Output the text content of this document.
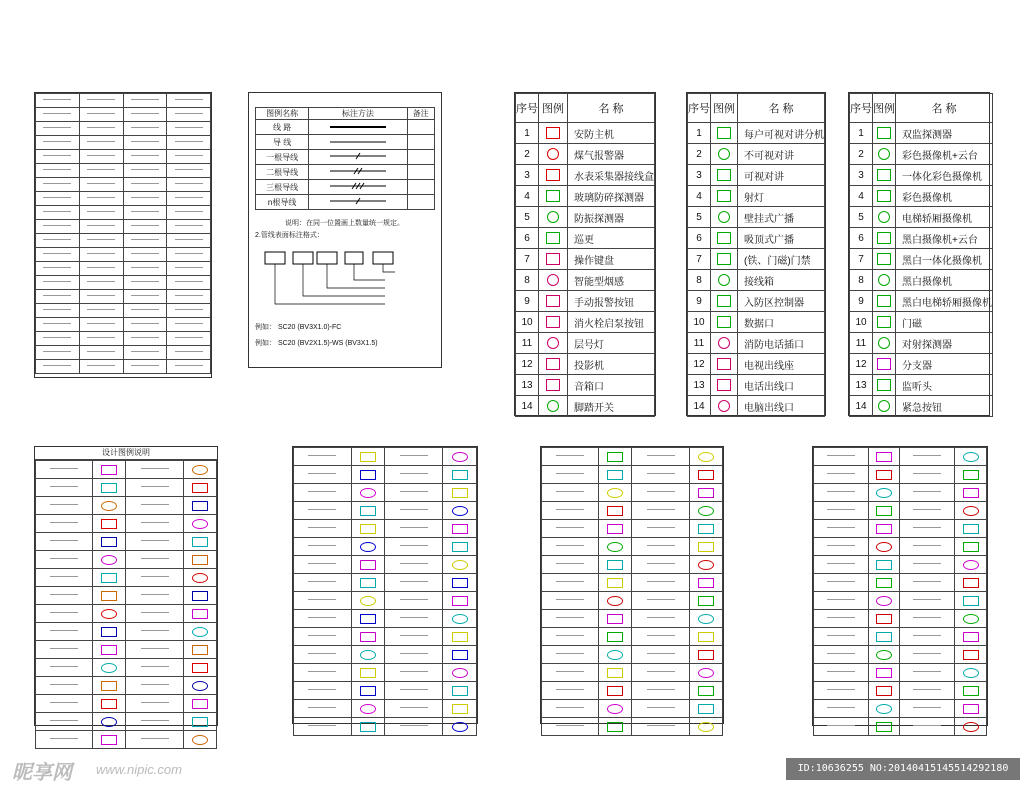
图例名称	标注方法	备注
线 路		
导 线		
一根导线		
二根导线		
三根导线		
n根导线		
说明：在同一位置画上数量统一规定。
2.管线表面标注格式：
例如： SC20 (BV3X1.0)-FC
例如： SC20 (BV2X1.5)-WS (BV3X1.5)
序号	图例	名 称
1		安防主机
2		煤气报警器
3		水表采集器接线盒
4		玻璃防碎探测器
5		防振探测器
6		巡更
7		操作键盘
8		智能型烟感
9		手动报警按钮
10		消火栓启泵按钮
11		层号灯
12		投影机
13		音箱口
14		脚踏开关
序号	图例	名 称
1		每户可视对讲分机
2		不可视对讲
3		可视对讲
4		射灯
5		壁挂式广播
6		吸顶式广播
7		(铁、门磁)门禁
8		接线箱
9		入防区控制器
10		数据口
11		消防电话插口
12		电视出线座
13		电话出线口
14		电脑出线口
序号	图例	名 称
1		双监探测器
2		彩色摄像机+云台
3		一体化彩色摄像机
4		彩色摄像机
5		电梯轿厢摄像机
6		黑白摄像机+云台
7		黑白一体化摄像机
8		黑白摄像机
9		黑白电梯轿厢摄像机
10		门磁
11		对射探测器
12		分支器
13		监听头
14		紧急按钮
设计图例说明

昵享网 www.nipic.com	ID:10636255 NO:20140415145514292180
